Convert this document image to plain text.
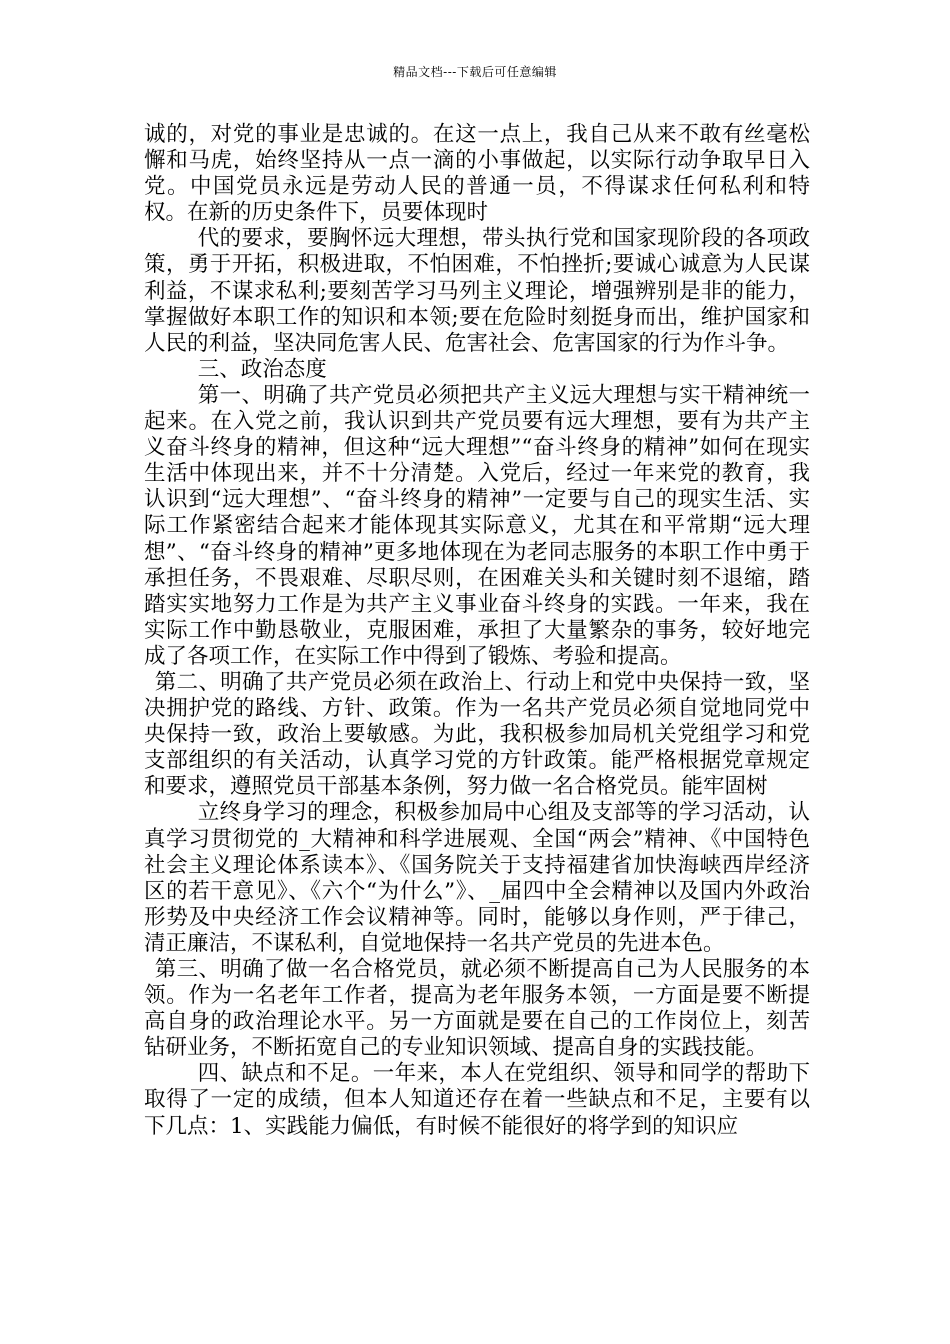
精品文档---下载后可任意编辑

诚的，对党的事业是忠诚的。在这一点上，我自己从来不敢有丝毫松懈和马虎，始终坚持从一点一滴的小事做起，以实际行动争取早日入党。中国党员永远是劳动人民的普通一员，不得谋求任何私利和特权。在新的历史条件下，员要体现时

代的要求，要胸怀远大理想，带头执行党和国家现阶段的各项政策，勇于开拓，积极进取，不怕困难，不怕挫折;要诚心诚意为人民谋利益，不谋求私利;要刻苦学习马列主义理论，增强辨别是非的能力，掌握做好本职工作的知识和本领;要在危险时刻挺身而出，维护国家和人民的利益，坚决同危害人民、危害社会、危害国家的行为作斗争。

三、政治态度

第一、明确了共产党员必须把共产主义远大理想与实干精神统一起来。在入党之前，我认识到共产党员要有远大理想，要有为共产主义奋斗终身的精神，但这种“远大理想”“奋斗终身的精神”如何在现实生活中体现出来，并不十分清楚。入党后，经过一年来党的教育，我认识到“远大理想”、“奋斗终身的精神”一定要与自己的现实生活、实际工作紧密结合起来才能体现其实际意义，尤其在和平常期“远大理想”、“奋斗终身的精神”更多地体现在为老同志服务的本职工作中勇于承担任务，不畏艰难、尽职尽则，在困难关头和关键时刻不退缩，踏踏实实地努力工作是为共产主义事业奋斗终身的实践。一年来，我在实际工作中勤恳敬业，克服困难，承担了大量繁杂的事务，较好地完成了各项工作，在实际工作中得到了锻炼、考验和提高。

第二、明确了共产党员必须在政治上、行动上和党中央保持一致，坚决拥护党的路线、方针、政策。作为一名共产党员必须自觉地同党中央保持一致，政治上要敏感。为此，我积极参加局机关党组学习和党支部组织的有关活动，认真学习党的方针政策。能严格根据党章规定和要求，遵照党员干部基本条例，努力做一名合格党员。能牢固树

立终身学习的理念，积极参加局中心组及支部等的学习活动，认真学习贯彻党的_大精神和科学进展观、全国“两会”精神、《中国特色社会主义理论体系读本》、《国务院关于支持福建省加快海峡西岸经济区的若干意见》、《六个“为什么”》、_届四中全会精神以及国内外政治形势及中央经济工作会议精神等。同时，能够以身作则，严于律己，清正廉洁，不谋私利，自觉地保持一名共产党员的先进本色。

第三、明确了做一名合格党员，就必须不断提高自己为人民服务的本领。作为一名老年工作者，提高为老年服务本领，一方面是要不断提高自身的政治理论水平。另一方面就是要在自己的工作岗位上，刻苦钻研业务，不断拓宽自己的专业知识领域、提高自身的实践技能。

四、缺点和不足。一年来，本人在党组织、领导和同学的帮助下取得了一定的成绩，但本人知道还存在着一些缺点和不足，主要有以下几点：1、实践能力偏低，有时候不能很好的将学到的知识应
